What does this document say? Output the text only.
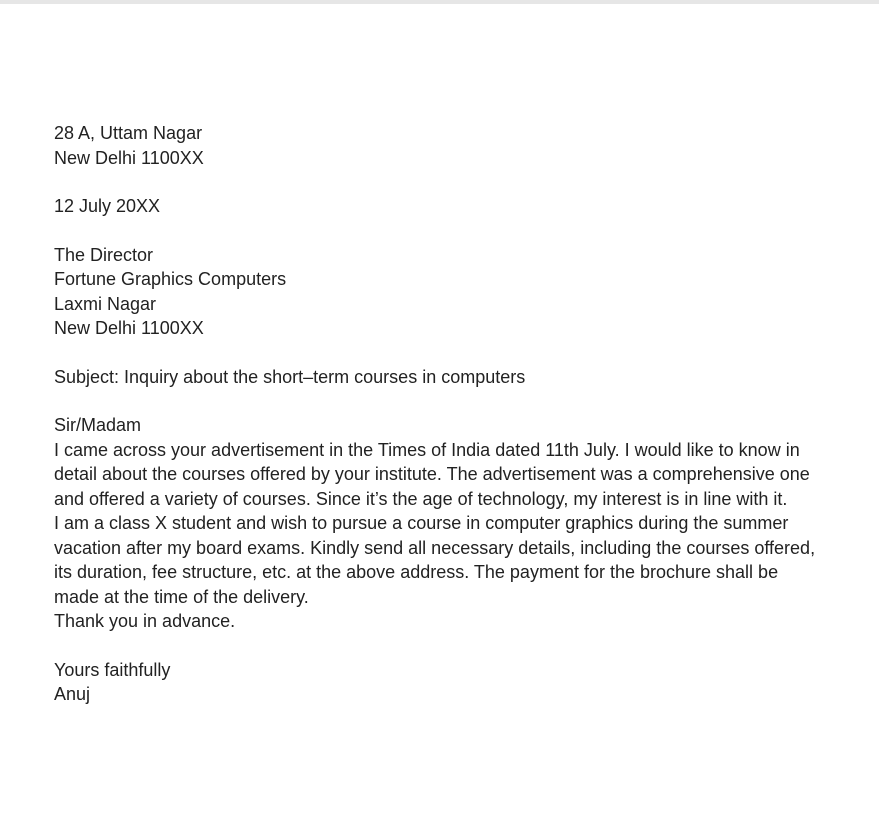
28 A, Uttam Nagar
New Delhi 1100XX
12 July 20XX
The Director
Fortune Graphics Computers
Laxmi Nagar
New Delhi 1100XX
Subject: Inquiry about the short–term courses in computers
Sir/Madam
I came across your advertisement in the Times of India dated 11th July. I would like to know in
detail about the courses offered by your institute. The advertisement was a comprehensive one
and offered a variety of courses. Since it’s the age of technology, my interest is in line with it.
I am a class X student and wish to pursue a course in computer graphics during the summer
vacation after my board exams. Kindly send all necessary details, including the courses offered,
its duration, fee structure, etc. at the above address. The payment for the brochure shall be
made at the time of the delivery.
Thank you in advance.
Yours faithfully
Anuj
